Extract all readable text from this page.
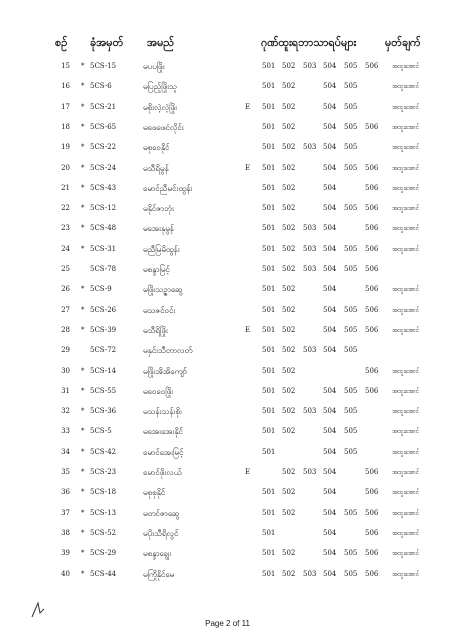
စဉ် ခုံအမှတ် အမည်	ဂုဏ်ထူးရဘာသာရပ်များ	မှတ်ချက်
15 * 5CS-15	မပပဖြိုး	501 502 503 504 505 506 အထူးအောင်
16 * 5CS-6	မပြည့်ဖြိုးသူ	501 502	504 505	အထူးအောင်
17 * 5CS-21	မစိုးလဲ့လဲ့ဖြိုး	E 501 502	504 505	အထူးအောင်
18 * 5CS-65	မဖေဖေငံလိုင်း	501 502	504 505 506 အထူးအောင်
19 * 5CS-22	မစုဝေနိုင်	501 502 503 504 505	အထူးအောင်
20 * 5CS-24	မသီရိမွန်	E 501 502	504 505 506 အထူးအောင်
21 * 5CS-43	မောင်ညီမင်းထွန်း	501 502	504	506 အထူးအောင်
22 * 5CS-12	မနိုင်ဇာဘုံး	501 502	504 505 506 အထူးအောင်
23 * 5CS-48	မအေးနုမွန်	501 502 503 504	506 အထူးအောင်
24 * 5CS-31	မညီမြမိထွန်း	501 502 503 504 505 506 အထူးအောင်
25	5CS-78	မစန္ဒာမြင့်	501 502 503 504 505 506
26 * 5CS-9	မဖြိုးသဉ္ဇာဆွေ	501 502	504	506 အထူးအောင်
27 * 5CS-26	မသဇင်ဝင်း	501 502	504 505 506 အထူးအောင်
28 * 5CS-39	မသီရိဖြိုး	E 501 502	504 505 506 အထူးအောင်
29	5CS-72	မနှင်းသီတာလတ်	501 502 503 504 505
30 * 5CS-14	မဖြိုးအိအိကျော်	501 502	506 အထူးအောင်
31 * 5CS-55	မဝေဝေဖြိုး	501 502	504 505 506 အထူးအောင်
32 * 5CS-36	မသန်းသန်းစိုး	501 502 503 504 505	အထူးအောင်
33 * 5CS-5	မအေးအေးနိုင်	501 502	504 505	အထူးအောင်
34 * 5CS-42	မောင်အေးမြင့်	501	504 505	အထူးအောင်
35 * 5CS-23	မောင်ဖိုးလယ်	E	502 503 504	506 အထူးအောင်
36 * 5CS-18	မစုစုနိုင်	501 502	504	506 အထူးအောင်
37 * 5CS-13	မတင်ဇာဆွေ	501 502	504 505 506 အထူးအောင်
38 * 5CS-52	မပိုးသီရိလွင်	501	504	506 အထူးအောင်
39 * 5CS-29	မစန္ဒာချွေး	501 502	504 505 506 အထူးအောင်
40 * 5CS-44	မကြိုနိုင်မေ	501 502 503 504 505 506 အထူးအောင်
Page 2 of 11
